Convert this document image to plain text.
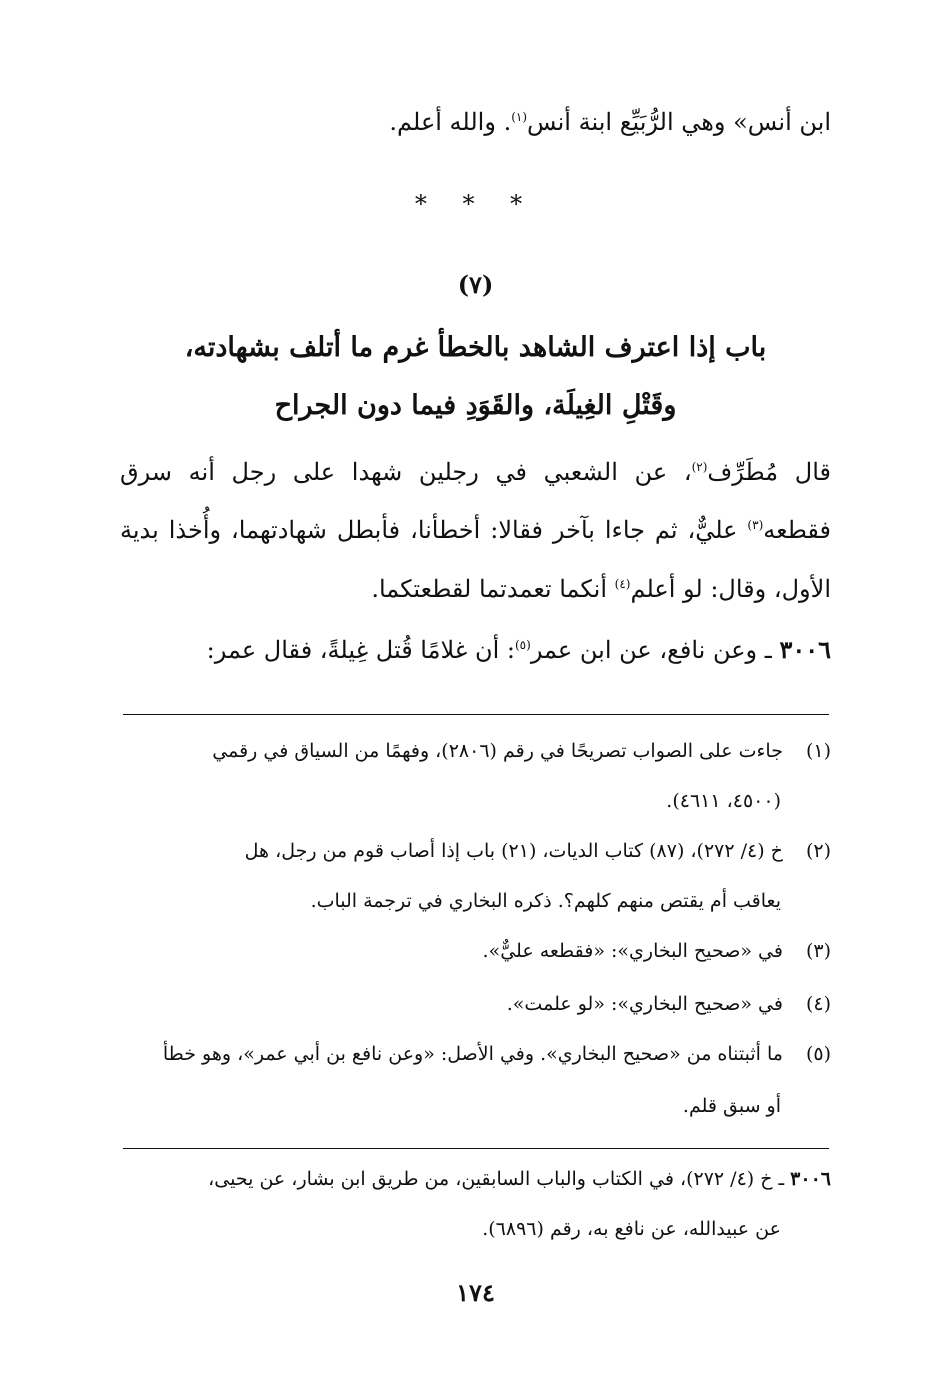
ابن أنس» وهي الرُّبَيِّع ابنة أنس$^{(١)}$. والله أعلم.
* * *
(٧)
باب إذا اعترف الشاهد بالخطأ غرم ما أتلف بشهادته،
وقَتْلِ الغِيلَة، والقَوَدِ فيما دون الجراح
قال مُطَرِّف$^{(٢)}$، عن الشعبي في رجلين شهدا على رجل أنه سرق
فقطعه$^{(٣)}$ عليٌّ، ثم جاءا بآخر فقالا: أخطأنا، فأبطل شهادتهما، وأُخذا بدية
الأول، وقال: لو أعلم$^{(٤)}$ أنكما تعمدتما لقطعتكما.
٣٠٠٦ ـ وعن نافع، عن ابن عمر$^{(٥)}$: أن غلامًا قُتل غِيلةً، فقال عمر:
(١) جاءت على الصواب تصريحًا في رقم (٢٨٠٦)، وفهمًا من السياق في رقمي
(٤٥٠٠، ٤٦١١).
(٢) خ (٤/ ٢٧٢)، (٨٧) كتاب الديات، (٢١) باب إذا أصاب قوم من رجل، هل
يعاقب أم يقتص منهم كلهم؟. ذكره البخاري في ترجمة الباب.
(٣) في «صحيح البخاري»: «فقطعه عليٌّ».
(٤) في «صحيح البخاري»: «لو علمت».
(٥) ما أثبتناه من «صحيح البخاري». وفي الأصل: «وعن نافع بن أبي عمر»، وهو خطأ
أو سبق قلم.
٣٠٠٦ ـ خ (٤/ ٢٧٢)، في الكتاب والباب السابقين، من طريق ابن بشار، عن يحيى،
عن عبيدالله، عن نافع به، رقم (٦٨٩٦).
١٧٤
